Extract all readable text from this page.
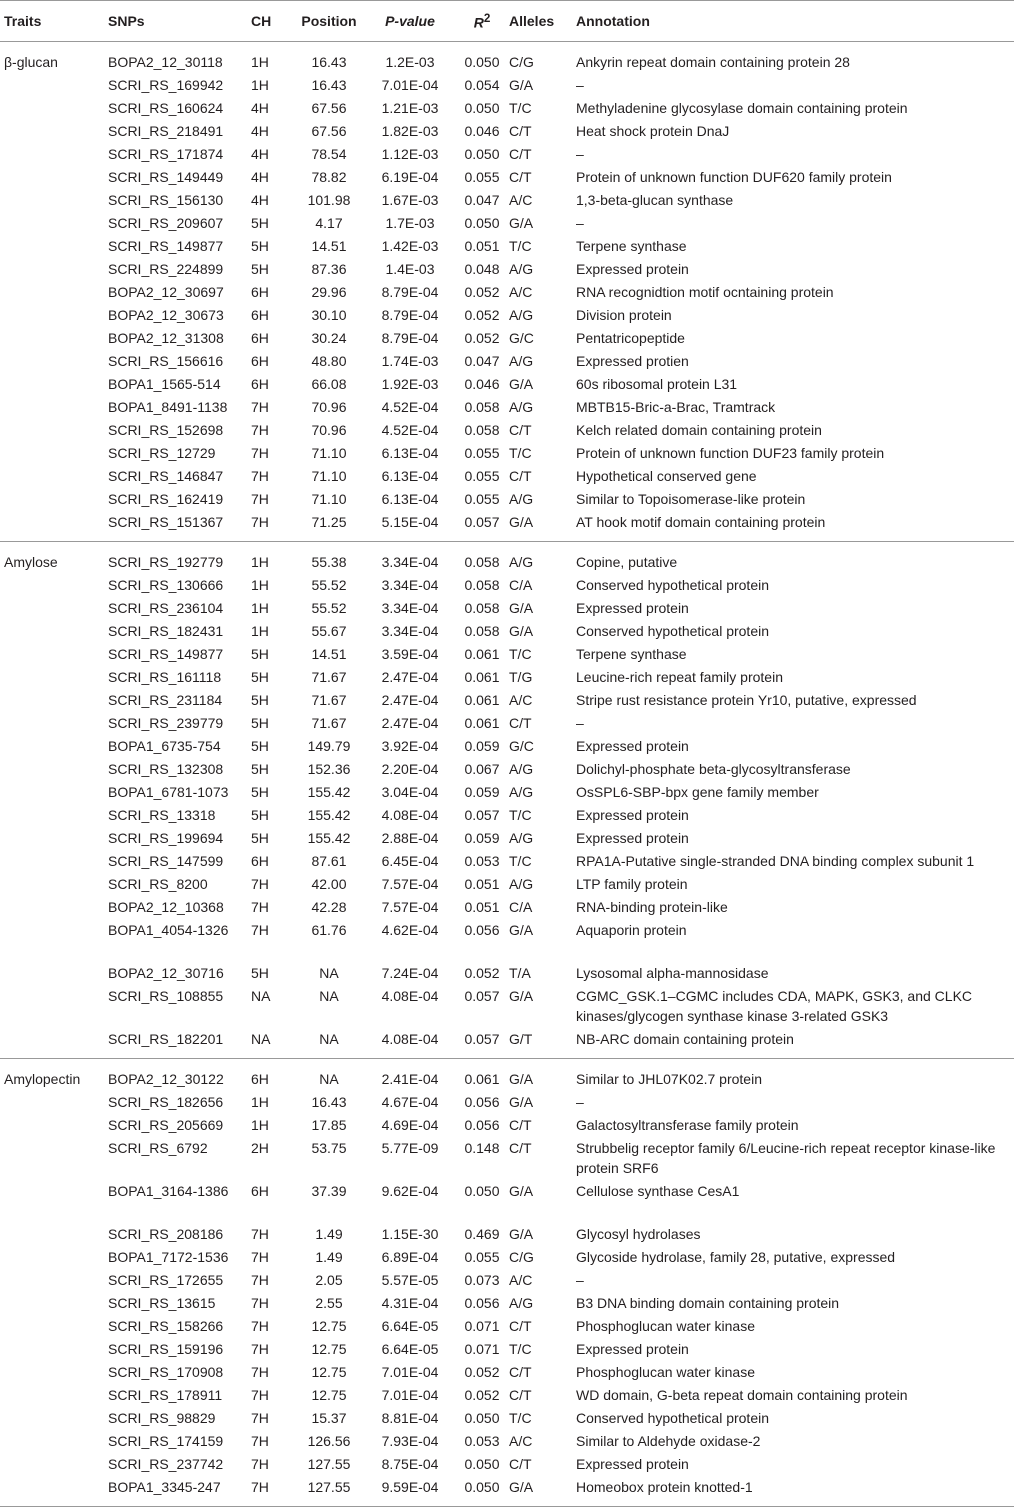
Traits	SNPs	CH	Position	P-value	$R^2$	Alleles	Annotation
β-glucan	BOPA2_12_30118	1H	16.43	1.2E-03	0.050	C/G	Ankyrin repeat domain containing protein 28
	SCRI_RS_169942	1H	16.43	7.01E-04	0.054	G/A	–
	SCRI_RS_160624	4H	67.56	1.21E-03	0.050	T/C	Methyladenine glycosylase domain containing protein
	SCRI_RS_218491	4H	67.56	1.82E-03	0.046	C/T	Heat shock protein DnaJ
	SCRI_RS_171874	4H	78.54	1.12E-03	0.050	C/T	–
	SCRI_RS_149449	4H	78.82	6.19E-04	0.055	C/T	Protein of unknown function DUF620 family protein
	SCRI_RS_156130	4H	101.98	1.67E-03	0.047	A/C	1,3-beta-glucan synthase
	SCRI_RS_209607	5H	4.17	1.7E-03	0.050	G/A	–
	SCRI_RS_149877	5H	14.51	1.42E-03	0.051	T/C	Terpene synthase
	SCRI_RS_224899	5H	87.36	1.4E-03	0.048	A/G	Expressed protein
	BOPA2_12_30697	6H	29.96	8.79E-04	0.052	A/C	RNA recognidtion motif ocntaining protein
	BOPA2_12_30673	6H	30.10	8.79E-04	0.052	A/G	Division protein
	BOPA2_12_31308	6H	30.24	8.79E-04	0.052	G/C	Pentatricopeptide
	SCRI_RS_156616	6H	48.80	1.74E-03	0.047	A/G	Expressed protien
	BOPA1_1565-514	6H	66.08	1.92E-03	0.046	G/A	60s ribosomal protein L31
	BOPA1_8491-1138	7H	70.96	4.52E-04	0.058	A/G	MBTB15-Bric-a-Brac, Tramtrack
	SCRI_RS_152698	7H	70.96	4.52E-04	0.058	C/T	Kelch related domain containing protein
	SCRI_RS_12729	7H	71.10	6.13E-04	0.055	T/C	Protein of unknown function DUF23 family protein
	SCRI_RS_146847	7H	71.10	6.13E-04	0.055	C/T	Hypothetical conserved gene
	SCRI_RS_162419	7H	71.10	6.13E-04	0.055	A/G	Similar to Topoisomerase-like protein
	SCRI_RS_151367	7H	71.25	5.15E-04	0.057	G/A	AT hook motif domain containing protein
Amylose	SCRI_RS_192779	1H	55.38	3.34E-04	0.058	A/G	Copine, putative
	SCRI_RS_130666	1H	55.52	3.34E-04	0.058	C/A	Conserved hypothetical protein
	SCRI_RS_236104	1H	55.52	3.34E-04	0.058	G/A	Expressed protein
	SCRI_RS_182431	1H	55.67	3.34E-04	0.058	G/A	Conserved hypothetical protein
	SCRI_RS_149877	5H	14.51	3.59E-04	0.061	T/C	Terpene synthase
	SCRI_RS_161118	5H	71.67	2.47E-04	0.061	T/G	Leucine-rich repeat family protein
	SCRI_RS_231184	5H	71.67	2.47E-04	0.061	A/C	Stripe rust resistance protein Yr10, putative, expressed
	SCRI_RS_239779	5H	71.67	2.47E-04	0.061	C/T	–
	BOPA1_6735-754	5H	149.79	3.92E-04	0.059	G/C	Expressed protein
	SCRI_RS_132308	5H	152.36	2.20E-04	0.067	A/G	Dolichyl-phosphate beta-glycosyltransferase
	BOPA1_6781-1073	5H	155.42	3.04E-04	0.059	A/G	OsSPL6-SBP-bpx gene family member
	SCRI_RS_13318	5H	155.42	4.08E-04	0.057	T/C	Expressed protein
	SCRI_RS_199694	5H	155.42	2.88E-04	0.059	A/G	Expressed protein
	SCRI_RS_147599	6H	87.61	6.45E-04	0.053	T/C	RPA1A-Putative single-stranded DNA binding complex subunit 1
	SCRI_RS_8200	7H	42.00	7.57E-04	0.051	A/G	LTP family protein
	BOPA2_12_10368	7H	42.28	7.57E-04	0.051	C/A	RNA-binding protein-like
	BOPA1_4054-1326	7H	61.76	4.62E-04	0.056	G/A	Aquaporin protein
	BOPA2_12_30716	5H	NA	7.24E-04	0.052	T/A	Lysosomal alpha-mannosidase
	SCRI_RS_108855	NA	NA	4.08E-04	0.057	G/A	CGMC_GSK.1–CGMC includes CDA, MAPK, GSK3, and CLKC kinases/glycogen synthase kinase 3-related GSK3
	SCRI_RS_182201	NA	NA	4.08E-04	0.057	G/T	NB-ARC domain containing protein
Amylopectin	BOPA2_12_30122	6H	NA	2.41E-04	0.061	G/A	Similar to JHL07K02.7 protein
	SCRI_RS_182656	1H	16.43	4.67E-04	0.056	G/A	–
	SCRI_RS_205669	1H	17.85	4.69E-04	0.056	C/T	Galactosyltransferase family protein
	SCRI_RS_6792	2H	53.75	5.77E-09	0.148	C/T	Strubbelig receptor family 6/Leucine-rich repeat receptor kinase-like protein SRF6
	BOPA1_3164-1386	6H	37.39	9.62E-04	0.050	G/A	Cellulose synthase CesA1
	SCRI_RS_208186	7H	1.49	1.15E-30	0.469	G/A	Glycosyl hydrolases
	BOPA1_7172-1536	7H	1.49	6.89E-04	0.055	C/G	Glycoside hydrolase, family 28, putative, expressed
	SCRI_RS_172655	7H	2.05	5.57E-05	0.073	A/C	–
	SCRI_RS_13615	7H	2.55	4.31E-04	0.056	A/G	B3 DNA binding domain containing protein
	SCRI_RS_158266	7H	12.75	6.64E-05	0.071	C/T	Phosphoglucan water kinase
	SCRI_RS_159196	7H	12.75	6.64E-05	0.071	T/C	Expressed protein
	SCRI_RS_170908	7H	12.75	7.01E-04	0.052	C/T	Phosphoglucan water kinase
	SCRI_RS_178911	7H	12.75	7.01E-04	0.052	C/T	WD domain, G-beta repeat domain containing protein
	SCRI_RS_98829	7H	15.37	8.81E-04	0.050	T/C	Conserved hypothetical protein
	SCRI_RS_174159	7H	126.56	7.93E-04	0.053	A/C	Similar to Aldehyde oxidase-2
	SCRI_RS_237742	7H	127.55	8.75E-04	0.050	C/T	Expressed protein
	BOPA1_3345-247	7H	127.55	9.59E-04	0.050	G/A	Homeobox protein knotted-1
